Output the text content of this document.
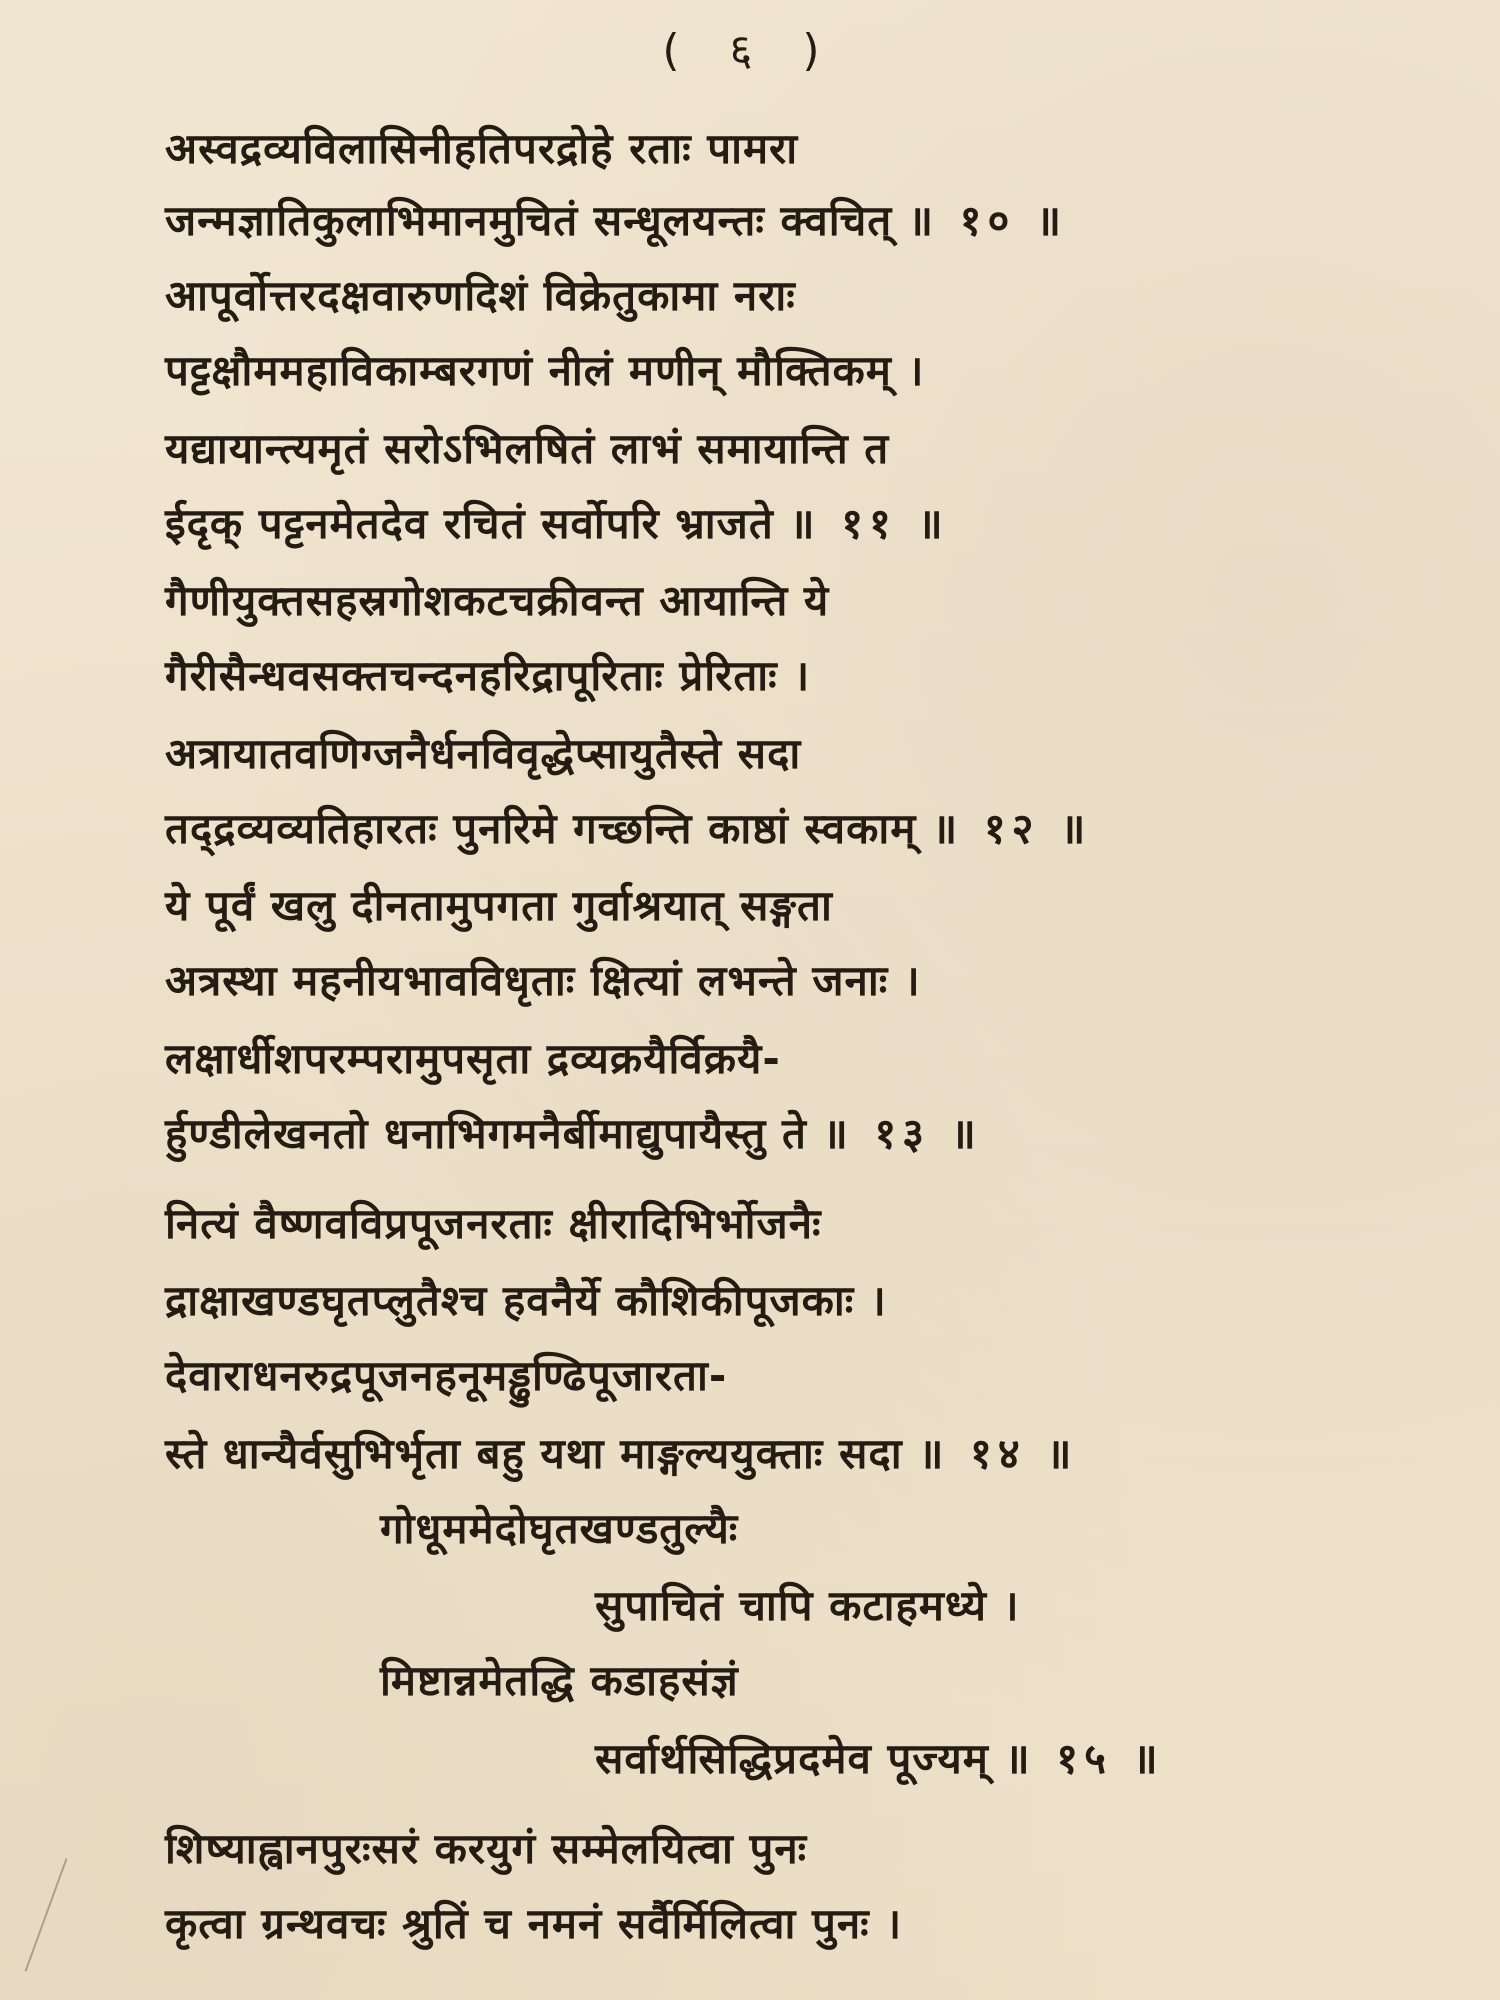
( ६ )
अस्वद्रव्यविलासिनीहतिपरद्रोहे रताः पामरा
जन्मज्ञातिकुलाभिमानमुचितं सन्धूलयन्तः क्वचित् ॥ १० ॥
आपूर्वोत्तरदक्षवारुणदिशं विक्रेतुकामा नराः
पट्टक्षौममहाविकाम्बरगणं नीलं मणीन् मौक्तिकम् ।
यद्यायान्त्यमृतं सरोऽभिलषितं लाभं समायान्ति त
ईदृक् पट्टनमेतदेव रचितं सर्वोपरि भ्राजते ॥ ११ ॥
गैणीयुक्तसहस्रगोशकटचक्रीवन्त आयान्ति ये
गैरीसैन्धवसक्तचन्दनहरिद्रापूरिताः प्रेरिताः ।
अत्रायातवणिग्जनैर्धनविवृद्धेप्सायुतैस्ते सदा
तद्द्रव्यव्यतिहारतः पुनरिमे गच्छन्ति काष्ठां स्वकाम् ॥ १२ ॥
ये पूर्वं खलु दीनतामुपगता गुर्वाश्रयात् सङ्गता
अत्रस्था महनीयभावविधृताः क्षित्यां लभन्ते जनाः ।
लक्षार्धीशपरम्परामुपसृता द्रव्यक्रयैर्विक्रयै-
र्हुण्डीलेखनतो धनाभिगमनैर्बीमाद्युपायैस्तु ते ॥ १३ ॥
नित्यं वैष्णवविप्रपूजनरताः क्षीरादिभिर्भोजनैः
द्राक्षाखण्डघृतप्लुतैश्च हवनैर्ये कौशिकीपूजकाः ।
देवाराधनरुद्रपूजनहनूमड्ढुण्ढिपूजारता-
स्ते धान्यैर्वसुभिर्भृता बहु यथा माङ्गल्ययुक्ताः सदा ॥ १४ ॥
गोधूममेदोघृतखण्डतुल्यैः
सुपाचितं चापि कटाहमध्ये ।
मिष्टान्नमेतद्धि कडाहसंज्ञं
सर्वार्थसिद्धिप्रदमेव पूज्यम् ॥ १५ ॥
शिष्याह्वानपुरःसरं करयुगं सम्मेलयित्वा पुनः
कृत्वा ग्रन्थवचः श्रुतिं च नमनं सर्वैर्मिलित्वा पुनः ।
